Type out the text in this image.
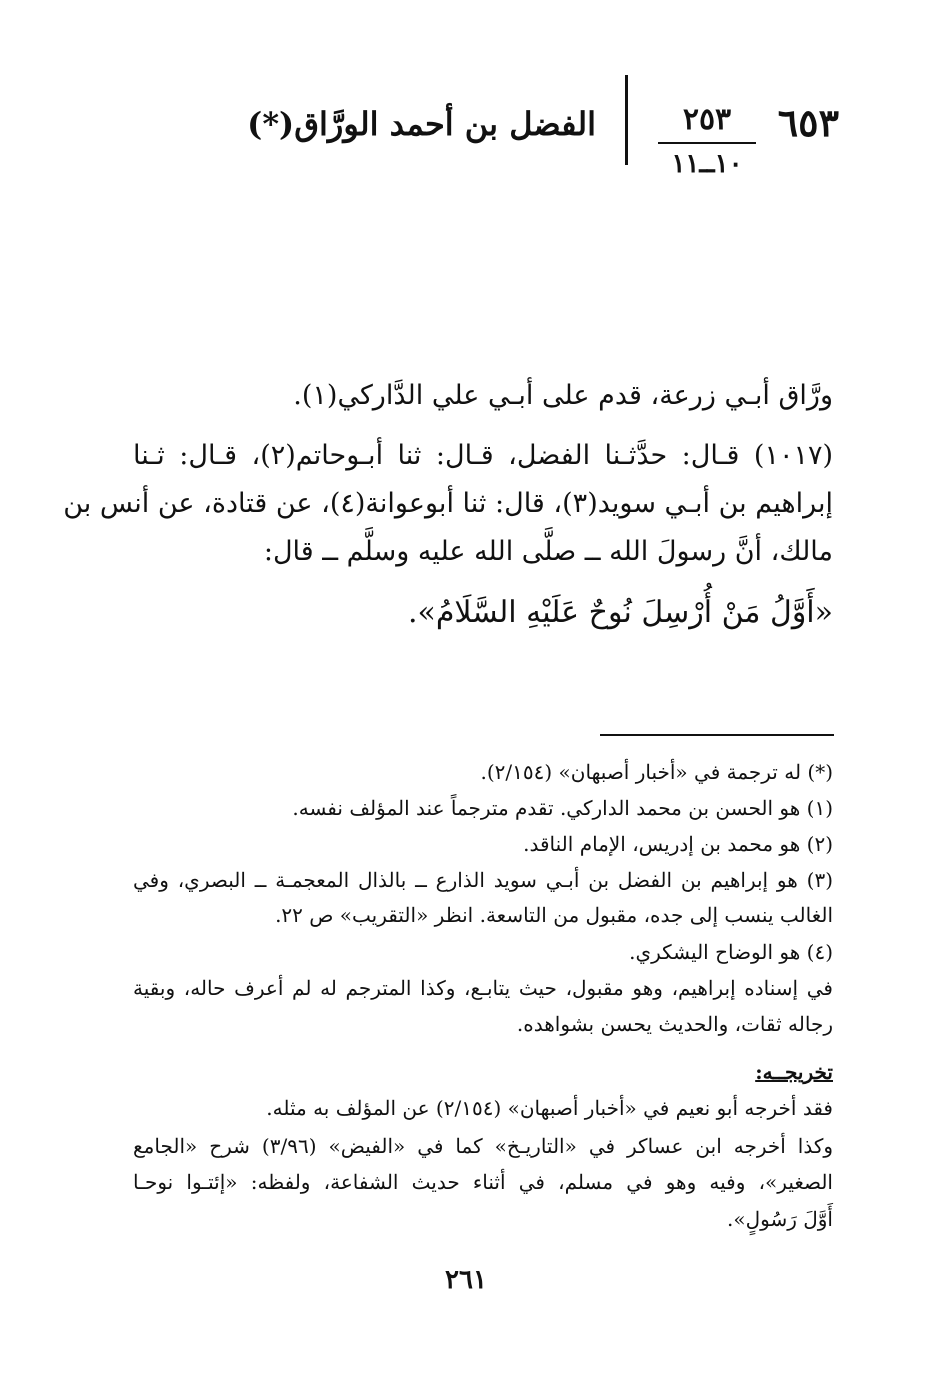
٦٥٣
٢٥٣
١٠ــ١١
الفضل بن أحمد الورَّاق(*)
ورَّاق أبـي زرعة، قدم على أبـي علي الدَّاركي(١).
(١٠١٧) قـال: حدَّثـنا الفضل، قـال: ثنا أبـوحاتم(٢)، قـال: ثـنا
إبراهيم بن أبـي سويد(٣)، قال: ثنا أبوعوانة(٤)، عن قتادة، عن أنس بن
مالك، أنَّ رسولَ الله ــ صلَّى الله عليه وسلَّم ــ قال:
«أَوَّلُ مَنْ أُرْسِلَ نُوحٌ عَلَيْهِ السَّلَامُ».
(*) له ترجمة في «أخبار أصبهان» (٢/١٥٤).
(١) هو الحسن بن محمد الداركي. تقدم مترجماً عند المؤلف نفسه.
(٢) هو محمد بن إدريس، الإمام الناقد.
(٣) هو إبراهيم بن الفضل بن أبـي سويد الذارع ــ بالذال المعجمـة ــ البصري، وفي
الغالب ينسب إلى جده، مقبول من التاسعة. انظر «التقريب» ص ٢٢.
(٤) هو الوضاح اليشكري.
في إسناده إبراهيم، وهو مقبول، حيث يتابـع، وكذا المترجم له لم أعرف حاله، وبقية
رجاله ثقات، والحديث يحسن بشواهده.
تخريجــه:
فقد أخرجه أبو نعيم في «أخبار أصبهان» (٢/١٥٤) عن المؤلف به مثله.
وكذا أخرجه ابن عساكر في «التاريـخ» كما في «الفيض» (٣/٩٦) شرح «الجامع
الصغير»، وفيه وهو في مسلم، في أثناء حديث الشفاعة، ولفظه: «إئتـوا نوحـا
أَوَّلَ رَسُولٍ».
٢٦١
